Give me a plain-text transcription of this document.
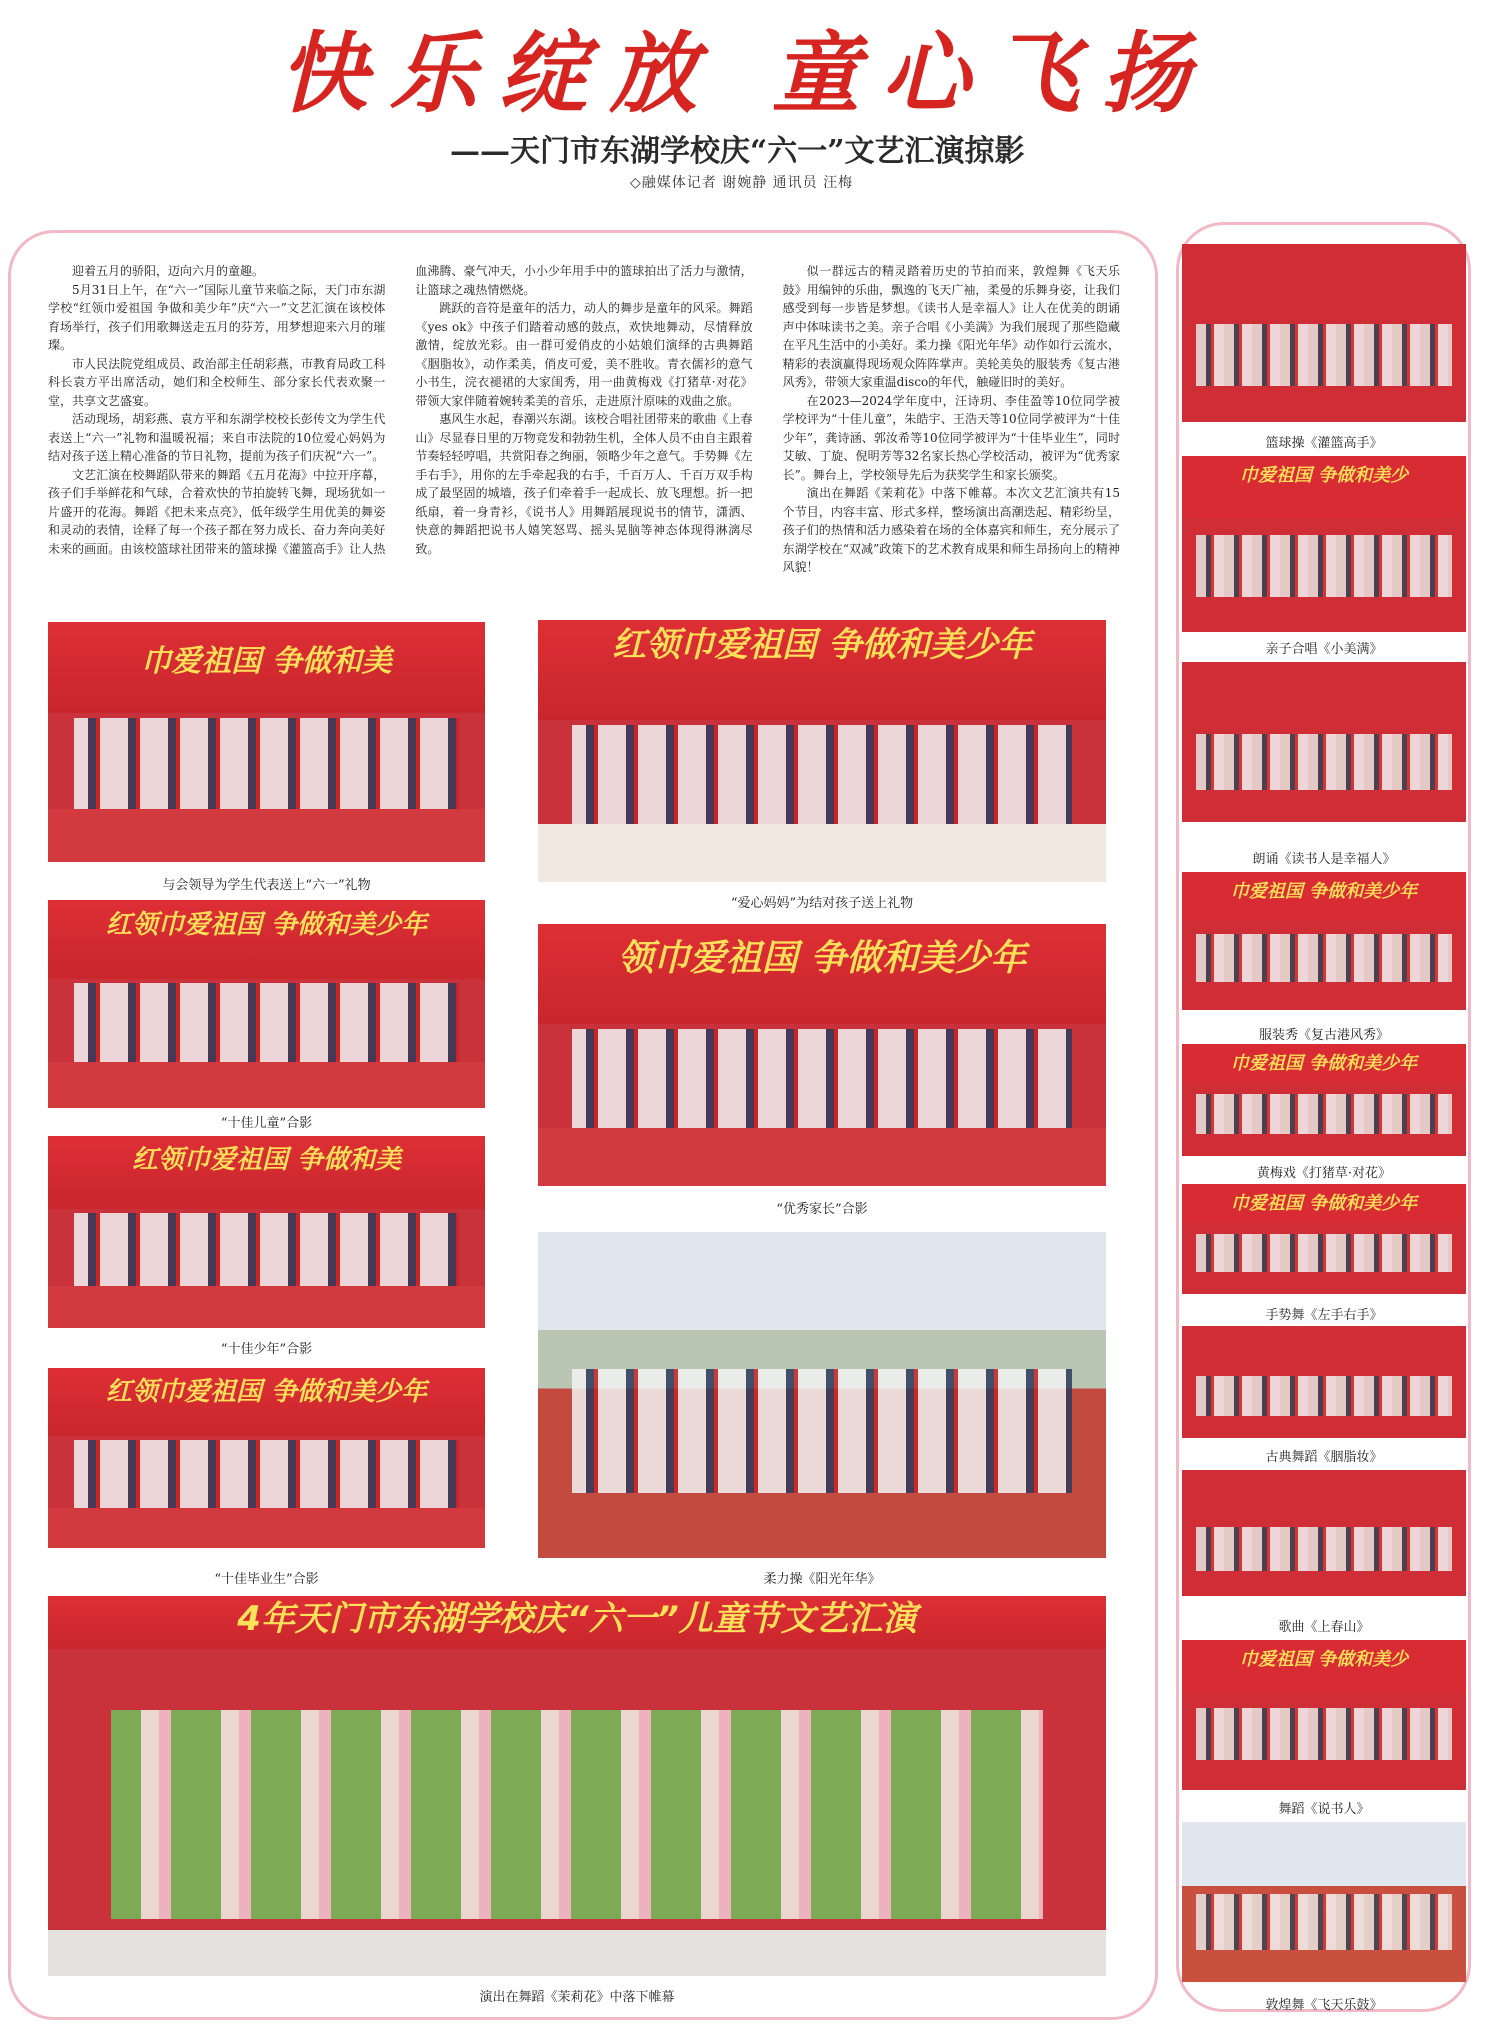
快乐绽放 童心飞扬
——天门市东湖学校庆“六一”文艺汇演掠影
◇融媒体记者 谢婉静 通讯员 汪梅

迎着五月的骄阳，迈向六月的童趣。

5月31日上午，在“六一”国际儿童节来临之际，天门市东湖学校“红领巾爱祖国 争做和美少年”庆“六一”文艺汇演在该校体育场举行，孩子们用歌舞送走五月的芬芳，用梦想迎来六月的璀璨。

市人民法院党组成员、政治部主任胡彩燕，市教育局政工科科长袁方平出席活动，她们和全校师生、部分家长代表欢聚一堂，共享文艺盛宴。

活动现场，胡彩燕、袁方平和东湖学校校长彭传文为学生代表送上“六一”礼物和温暖祝福；来自市法院的10位爱心妈妈为结对孩子送上精心准备的节日礼物，提前为孩子们庆祝“六一”。

文艺汇演在校舞蹈队带来的舞蹈《五月花海》中拉开序幕，孩子们手举鲜花和气球，合着欢快的节拍旋转飞舞，现场犹如一片盛开的花海。舞蹈《把未来点亮》，低年级学生用优美的舞姿和灵动的表情，诠释了每一个孩子都在努力成长、奋力奔向美好未来的画面。由该校篮球社团带来的篮球操《灌篮高手》让人热血沸腾、豪气冲天，小小少年用手中的篮球拍出了活力与激情，让篮球之魂热情燃烧。

跳跃的音符是童年的活力，动人的舞步是童年的风采。舞蹈《yes ok》中孩子们踏着动感的鼓点，欢快地舞动，尽情释放激情，绽放光彩。由一群可爱俏皮的小姑娘们演绎的古典舞蹈《胭脂妆》，动作柔美，俏皮可爱，美不胜收。青衣儒衫的意气小书生，浣衣褪裙的大家闺秀，用一曲黄梅戏《打猪草·对花》带领大家伴随着婉转柔美的音乐，走进原汁原味的戏曲之旅。

惠风生水起，春潮兴东湖。该校合唱社团带来的歌曲《上春山》尽显春日里的万物竞发和勃勃生机，全体人员不由自主跟着节奏轻轻哼唱，共赏阳春之绚丽，领略少年之意气。手势舞《左手右手》，用你的左手牵起我的右手，千百万人、千百万双手构成了最坚固的城墙，孩子们牵着手一起成长、放飞理想。折一把纸扇，着一身青衫，《说书人》用舞蹈展现说书的情节，潇洒、快意的舞蹈把说书人嬉笑怒骂、摇头晃脑等神态体现得淋漓尽致。

似一群远古的精灵踏着历史的节拍而来，敦煌舞《飞天乐鼓》用编钟的乐曲，飘逸的飞天广袖，柔曼的乐舞身姿，让我们感受到每一步皆是梦想。《读书人是幸福人》让人在优美的朗诵声中体味读书之美。亲子合唱《小美满》为我们展现了那些隐藏在平凡生活中的小美好。柔力操《阳光年华》动作如行云流水，精彩的表演赢得现场观众阵阵掌声。美轮美奂的服装秀《复古港风秀》，带领大家重温disco的年代，触碰旧时的美好。

在2023—2024学年度中，汪诗玥、李佳盈等10位同学被学校评为“十佳儿童”，朱皓宇、王浩天等10位同学被评为“十佳少年”，龚诗涵、郭汝希等10位同学被评为“十佳毕业生”，同时艾敏、丁旋、倪明芳等32名家长热心学校活动，被评为“优秀家长”。舞台上，学校领导先后为获奖学生和家长颁奖。

演出在舞蹈《茉莉花》中落下帷幕。本次文艺汇演共有15个节目，内容丰富、形式多样，整场演出高潮迭起、精彩纷呈，孩子们的热情和活力感染着在场的全体嘉宾和师生，充分展示了东湖学校在“双减”政策下的艺术教育成果和师生昂扬向上的精神风貌！

巾爱祖国 争做和美
与会领导为学生代表送上“六一”礼物
红领巾爱祖国 争做和美少年
“爱心妈妈”为结对孩子送上礼物
红领巾爱祖国 争做和美少年
“十佳儿童”合影
领巾爱祖国 争做和美少年
“优秀家长”合影
红领巾爱祖国 争做和美
“十佳少年”合影
柔力操《阳光年华》
红领巾爱祖国 争做和美少年
“十佳毕业生”合影
4年天门市东湖学校庆“六一”儿童节文艺汇演
演出在舞蹈《茉莉花》中落下帷幕
篮球操《灌篮高手》
巾爱祖国 争做和美少
亲子合唱《小美满》
朗诵《读书人是幸福人》
巾爱祖国 争做和美少年
服装秀《复古港风秀》
巾爱祖国 争做和美少年
黄梅戏《打猪草·对花》
巾爱祖国 争做和美少年
手势舞《左手右手》
古典舞蹈《胭脂妆》
歌曲《上春山》
巾爱祖国 争做和美少
舞蹈《说书人》
敦煌舞《飞天乐鼓》
